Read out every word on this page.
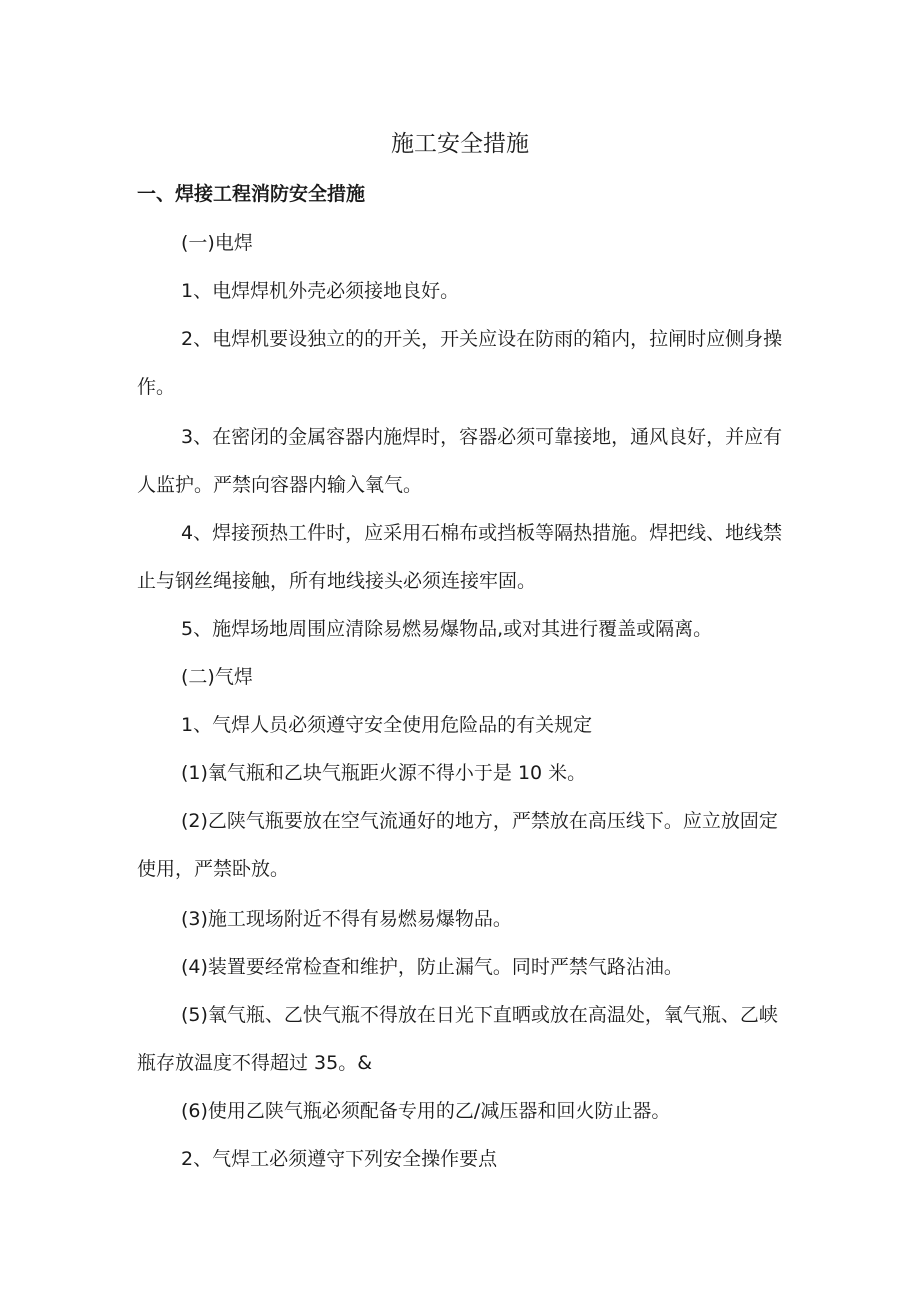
施工安全措施
一、焊接工程消防安全措施

(一)电焊

1、电焊焊机外壳必须接地良好。

2、电焊机要设独立的的开关，开关应设在防雨的箱内，拉闸时应侧身操作。

3、在密闭的金属容器内施焊时，容器必须可靠接地，通风良好，并应有人监护。严禁向容器内输入氧气。

4、焊接预热工件时，应采用石棉布或挡板等隔热措施。焊把线、地线禁止与钢丝绳接触，所有地线接头必须连接牢固。

5、施焊场地周围应清除易燃易爆物品,或对其进行覆盖或隔离。

(二)气焊

1、气焊人员必须遵守安全使用危险品的有关规定

(1)氧气瓶和乙块气瓶距火源不得小于是 10 米。

(2)乙陕气瓶要放在空气流通好的地方，严禁放在高压线下。应立放固定使用，严禁卧放。

(3)施工现场附近不得有易燃易爆物品。

(4)装置要经常检查和维护，防止漏气。同时严禁气路沾油。

(5)氧气瓶、乙快气瓶不得放在日光下直晒或放在高温处，氧气瓶、乙峡瓶存放温度不得超过 35。&

(6)使用乙陕气瓶必须配备专用的乙/减压器和回火防止器。

2、气焊工必须遵守下列安全操作要点
